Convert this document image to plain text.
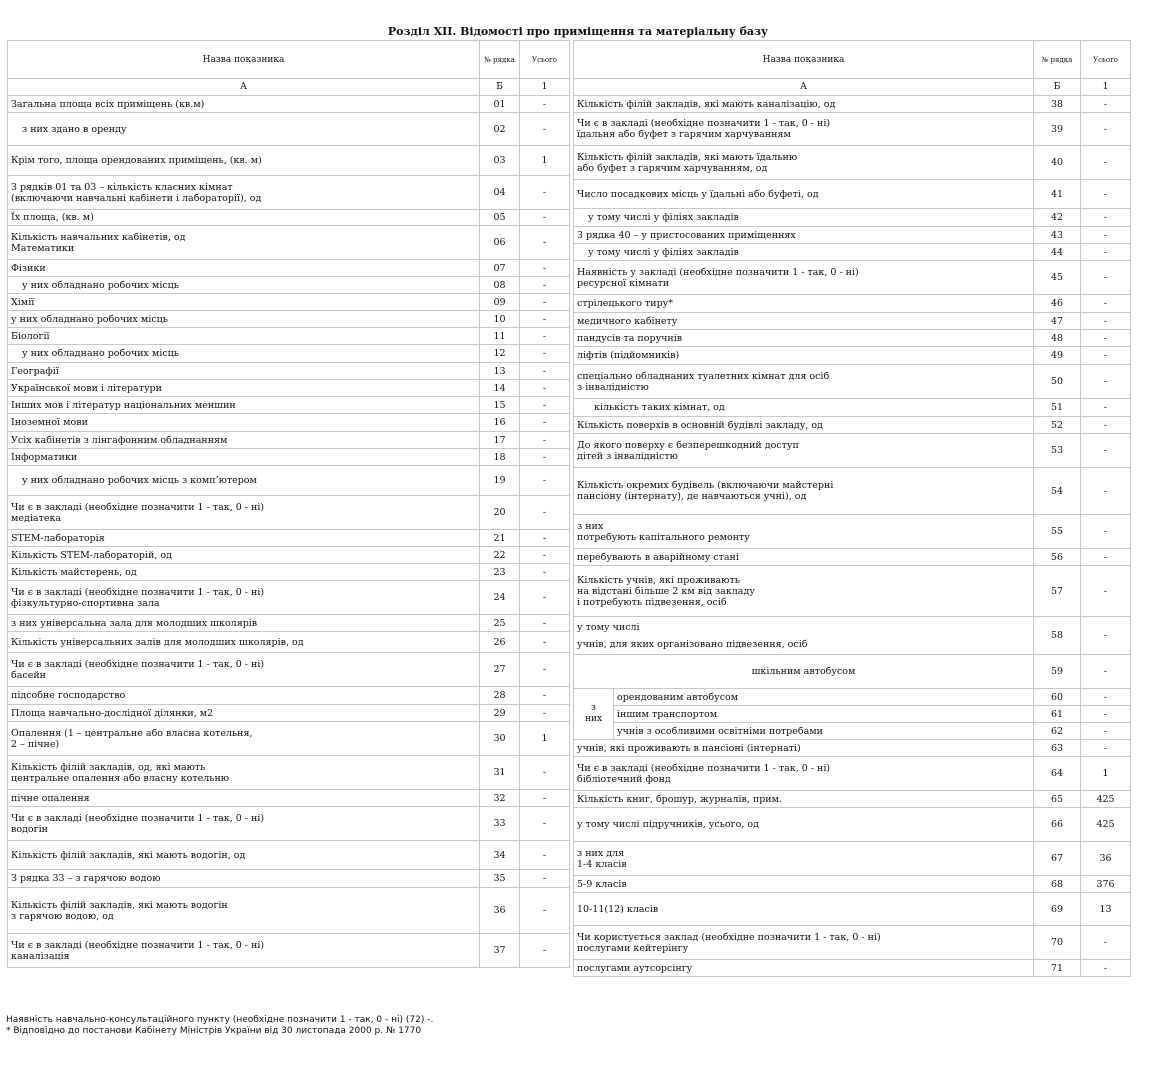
Розділ XII. Відомості про приміщення та матеріальну базу
Назва показника	№ рядка	Усього
А	Б	1
Загальна площа всіх приміщень (кв.м)	01	-
з них здано в оренду	02	-
Крім того, площа орендованих приміщень, (кв. м)	03	1

З рядків 01 та 03 – кількість класних кімнат
(включаючи навчальні кабінети і лабораторії), од	04	-
Їх площа, (кв. м)	05	-

Кількість навчальних кабінетів, од
Математики	06	-
Фізики	07	-
у них обладнано робочих місць	08	-
Хімії	09	-
у них обладнано робочих місць	10	-
Біології	11	-
у них обладнано робочих місць	12	-
Географії	13	-
Української мови і літератури	14	-
Інших мов і літератур національних меншин	15	-
Іноземної мови	16	-
Усіх кабінетів з лінгафонним обладнанням	17	-
Інформатики	18	-
у них обладнано робочих місць з комп’ютером	19	-

Чи є в закладі (необхідне позначити 1 - так, 0 - ні)
медіатека	20	-
STEM-лабораторія	21	-
Кількість STEM-лабораторій, од	22	-
Кількість майстерень, од	23	-

Чи є в закладі (необхідне позначити 1 - так, 0 - ні)
фізкультурно-спортивна зала	24	-
з них універсальна зала для молодших школярів	25	-
Кількість універсальних залів для молодших школярів, од	26	-

Чи є в закладі (необхідне позначити 1 - так, 0 - ні)
басейн	27	-
підсобне господарство	28	-
Площа навчально-дослідної ділянки, м2	29	-

Опалення (1 – центральне або власна котельня,
2 – пічне)	30	1

Кількість філій закладів, од, які мають
центральне опалення або власну котельню	31	-
пічне опалення	32	-

Чи є в закладі (необхідне позначити 1 - так, 0 - ні)
водогін	33	-
Кількість філій закладів, які мають водогін, од	34	-
З рядка 33 – з гарячою водою	35	-

Кількість філій закладів, які мають водогін
з гарячою водою, од	36	-

Чи є в закладі (необхідне позначити 1 - так, 0 - ні)
каналізація	37	-
Назва показника		№ рядка	Усього
А		Б	1
Кількість філій закладів, які мають каналізацію, од		38	-

Чи є в закладі (необхідне позначити 1 - так, 0 - ні)
їдальня або буфет з гарячим харчуванням		39	-

Кількість філій закладів, які мають їдальню
або буфет з гарячим харчуванням, од		40	-
Число посадкових місць у їдальні або буфеті, од		41	-
у тому числі у філіях закладів		42	-
З рядка 40 – у пристосованих приміщеннях		43	-
у тому числі у філіях закладів		44	-

Наявність у закладі (необхідне позначити 1 - так, 0 - ні)
ресурсної кімнати		45	-
стрілецького тиру*		46	-
медичного кабінету		47	-
пандусів та поручнів		48	-
ліфтів (підйомників)		49	-

спеціально обладнаних туалетних кімнат для осіб
з інвалідністю		50	-
кількість таких кімнат, од		51	-
Кількість поверхів в основній будівлі закладу, од		52	-

До якого поверху є безперешкодний доступ
дітей з інвалідністю		53	-

Кількість окремих будівель (включаючи майстерні
пансіону (інтернату), де навчаються учні), од		54	-

з них
потребують капітального ремонту		55	-
перебувають в аварійному стані		56	-

Кількість учнів, які проживають
на відстані більше 2 км від закладу
і потребують підвезення, осіб		57	-

у тому числі
учнів, для яких організовано підвезення, осіб		58	-
шкільним автобусом		59	-

з
них	орендованим автобусом	60	-
	іншим транспортом	61	-
	учнів з особливими освітніми потребами	62	-
учнів, які проживають в пансіоні (інтернаті)		63	-

Чи є в закладі (необхідне позначити 1 - так, 0 - ні)
бібліотечний фонд		64	1
Кількість книг, брошур, журналів, прим.		65	425
у тому числі підручників, усього, од		66	425

з них для
1-4 класів		67	36
5-9 класів		68	376
10-11(12) класів		69	13

Чи користується заклад (необхідне позначити 1 - так, 0 - ні)
послугами кейтерінгу		70	-
послугами аутсорсінгу		71	-
Наявність навчально-консультаційного пункту (необхідне позначити 1 - так, 0 - ні) (72) -.
* Відповідно до постанови Кабінету Міністрів України від 30 листопада 2000 р. № 1770
